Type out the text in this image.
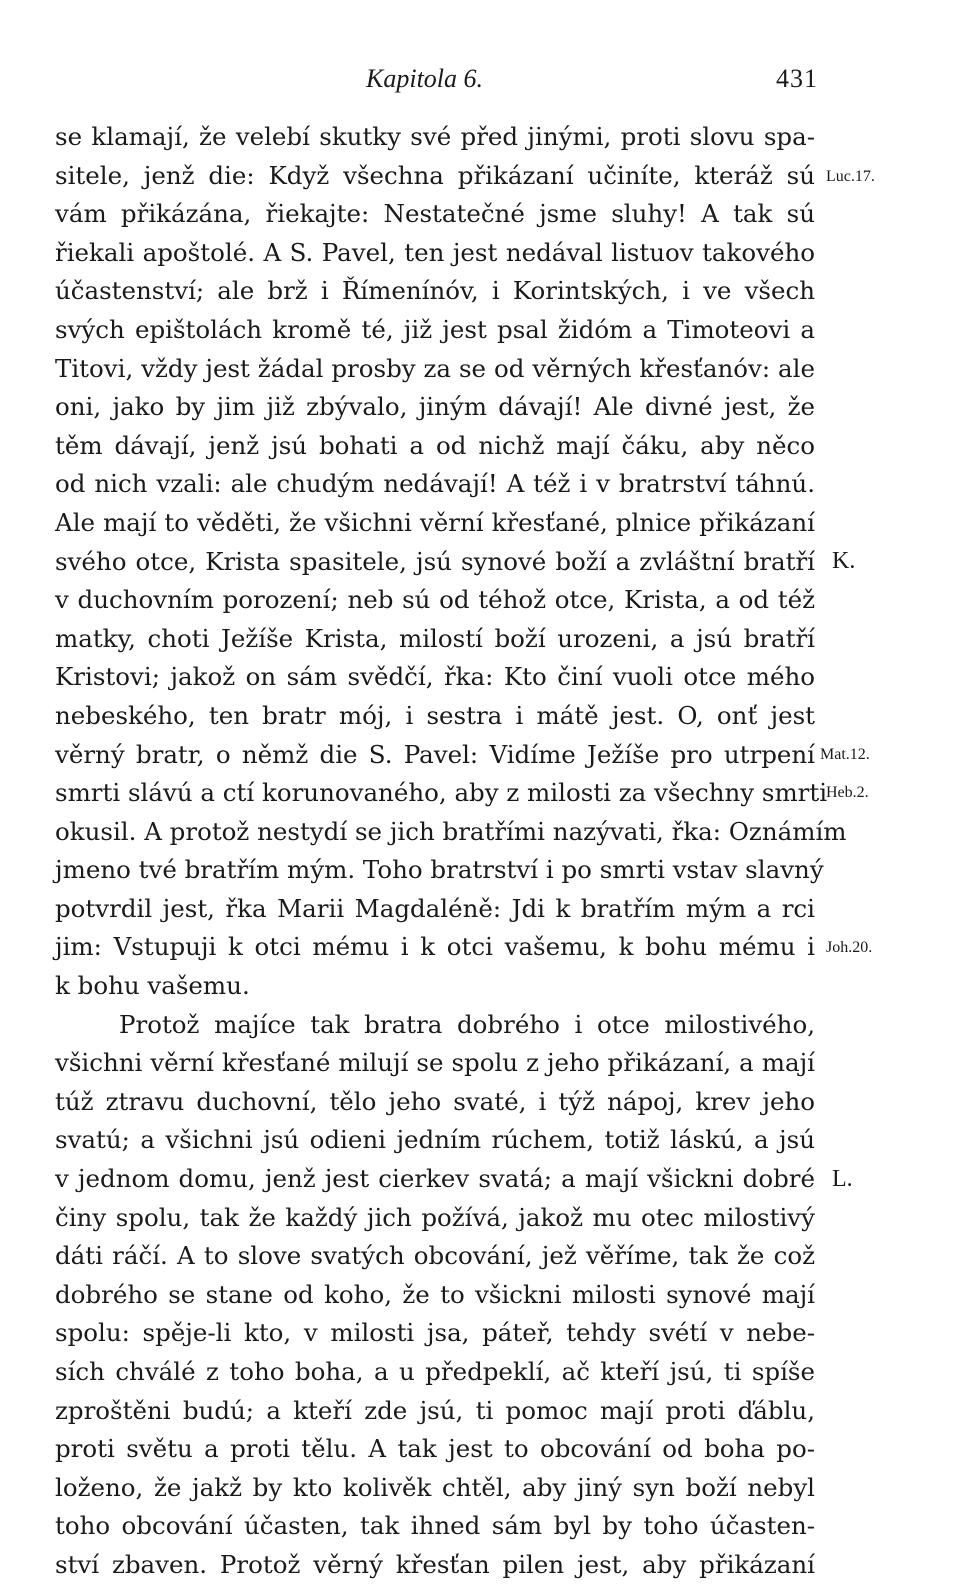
Kapitola 6.	431
se klamají, že velebí skutky své před jinými, proti slovu spa-
sitele, jenž die: Když všechna přikázaní učiníte, kteráž sú
vám přikázána, řiekajte: Nestatečné jsme sluhy! A tak sú
řiekali apoštolé. A S. Pavel, ten jest nedával listuov takového
účastenství; ale brž i Římenínóv, i Korintských, i ve všech
svých epištolách kromě té, již jest psal židóm a Timoteovi a
Titovi, vždy jest žádal prosby za se od věrných křesťanóv: ale
oni, jako by jim již zbývalo, jiným dávají! Ale divné jest, že
těm dávají, jenž jsú bohati a od nichž mají čáku, aby něco
od nich vzali: ale chudým nedávají! A též i v bratrství táhnú.
Ale mají to věděti, že všichni věrní křesťané, plnice přikázaní
svého otce, Krista spasitele, jsú synové boží a zvláštní bratří
v duchovním porození; neb sú od téhož otce, Krista, a od též
matky, choti Ježíše Krista, milostí boží urozeni, a jsú bratří
Kristovi; jakož on sám svědčí, řka: Kto činí vuoli otce mého
nebeského, ten bratr mój, i sestra i mátě jest. O, onť jest
věrný bratr, o němž die S. Pavel: Vidíme Ježíše pro utrpení
smrti slávú a ctí korunovaného, aby z milosti za všechny smrti
okusil. A protož nestydí se jich bratřími nazývati, řka: Oznámím
jmeno tvé bratřím mým. Toho bratrství i po smrti vstav slavný
potvrdil jest, řka Marii Magdaléně: Jdi k bratřím mým a rci
jim: Vstupuji k otci mému i k otci vašemu, k bohu mému i
k bohu vašemu.
Protož majíce tak bratra dobrého i otce milostivého,
všichni věrní křesťané milují se spolu z jeho přikázaní, a mají
túž ztravu duchovní, tělo jeho svaté, i týž nápoj, krev jeho
svatú; a všichni jsú odieni jedním rúchem, totiž láskú, a jsú
v jednom domu, jenž jest cierkev svatá; a mají všickni dobré
činy spolu, tak že každý jich požívá, jakož mu otec milostivý
dáti ráčí. A to slove svatých obcování, jež věříme, tak že což
dobrého se stane od koho, že to všickni milosti synové mají
spolu: spěje-li kto, v milosti jsa, páteř, tehdy svétí v nebe-
sích chválé z toho boha, a u předpeklí, ač kteří jsú, ti spíše
zproštěni budú; a kteří zde jsú, ti pomoc mají proti ďáblu,
proti světu a proti tělu. A tak jest to obcování od boha po-
loženo, že jakž by kto kolivěk chtěl, aby jiný syn boží nebyl
toho obcování účasten, tak ihned sám byl by toho účasten-
ství zbaven. Protož věrný křesťan pilen jest, aby přikázaní
Luc.17.
K.
Mat.12.
Heb.2.
Joh.20.
L.
